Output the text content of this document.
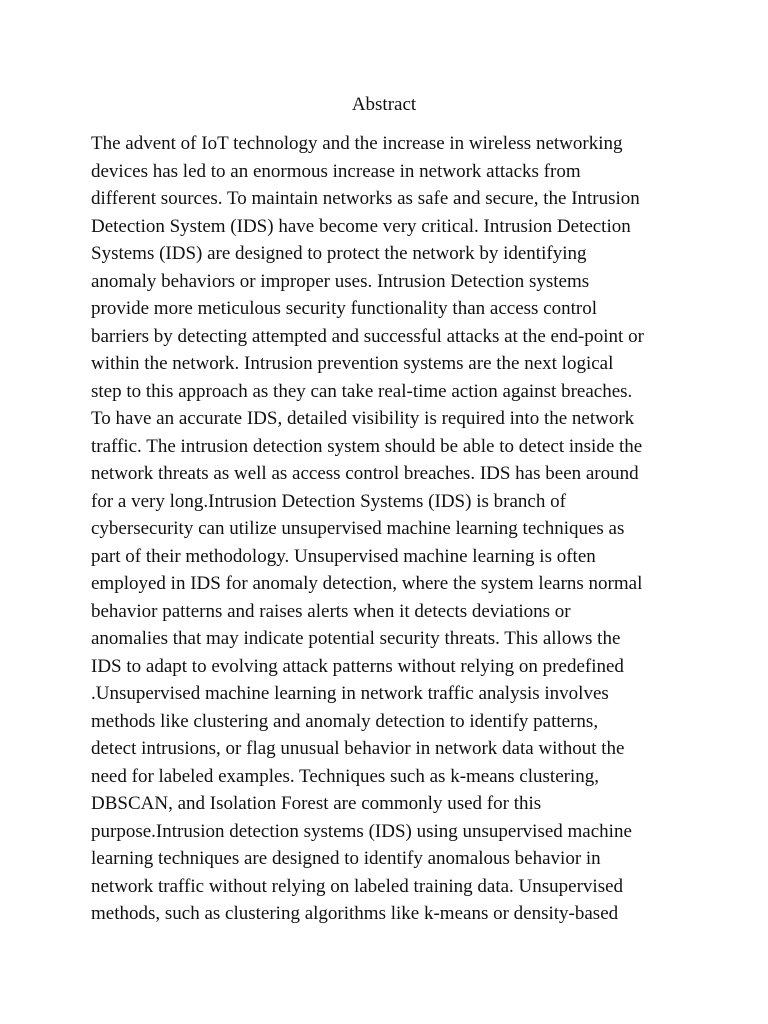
Abstract
The advent of IoT technology and the increase in wireless networking
devices has led to an enormous increase in network attacks from
different sources. To maintain networks as safe and secure, the Intrusion
Detection System (IDS) have become very critical. Intrusion Detection
Systems (IDS) are designed to protect the network by identifying
anomaly behaviors or improper uses. Intrusion Detection systems
provide more meticulous security functionality than access control
barriers by detecting attempted and successful attacks at the end-point or
within the network. Intrusion prevention systems are the next logical
step to this approach as they can take real-time action against breaches.
To have an accurate IDS, detailed visibility is required into the network
traffic. The intrusion detection system should be able to detect inside the
network threats as well as access control breaches. IDS has been around
for a very long.Intrusion Detection Systems (IDS) is branch of
cybersecurity can utilize unsupervised machine learning techniques as
part of their methodology. Unsupervised machine learning is often
employed in IDS for anomaly detection, where the system learns normal
behavior patterns and raises alerts when it detects deviations or
anomalies that may indicate potential security threats. This allows the
IDS to adapt to evolving attack patterns without relying on predefined
.Unsupervised machine learning in network traffic analysis involves
methods like clustering and anomaly detection to identify patterns,
detect intrusions, or flag unusual behavior in network data without the
need for labeled examples. Techniques such as k-means clustering,
DBSCAN, and Isolation Forest are commonly used for this
purpose.Intrusion detection systems (IDS) using unsupervised machine
learning techniques are designed to identify anomalous behavior in
network traffic without relying on labeled training data. Unsupervised
methods, such as clustering algorithms like k-means or density-based
